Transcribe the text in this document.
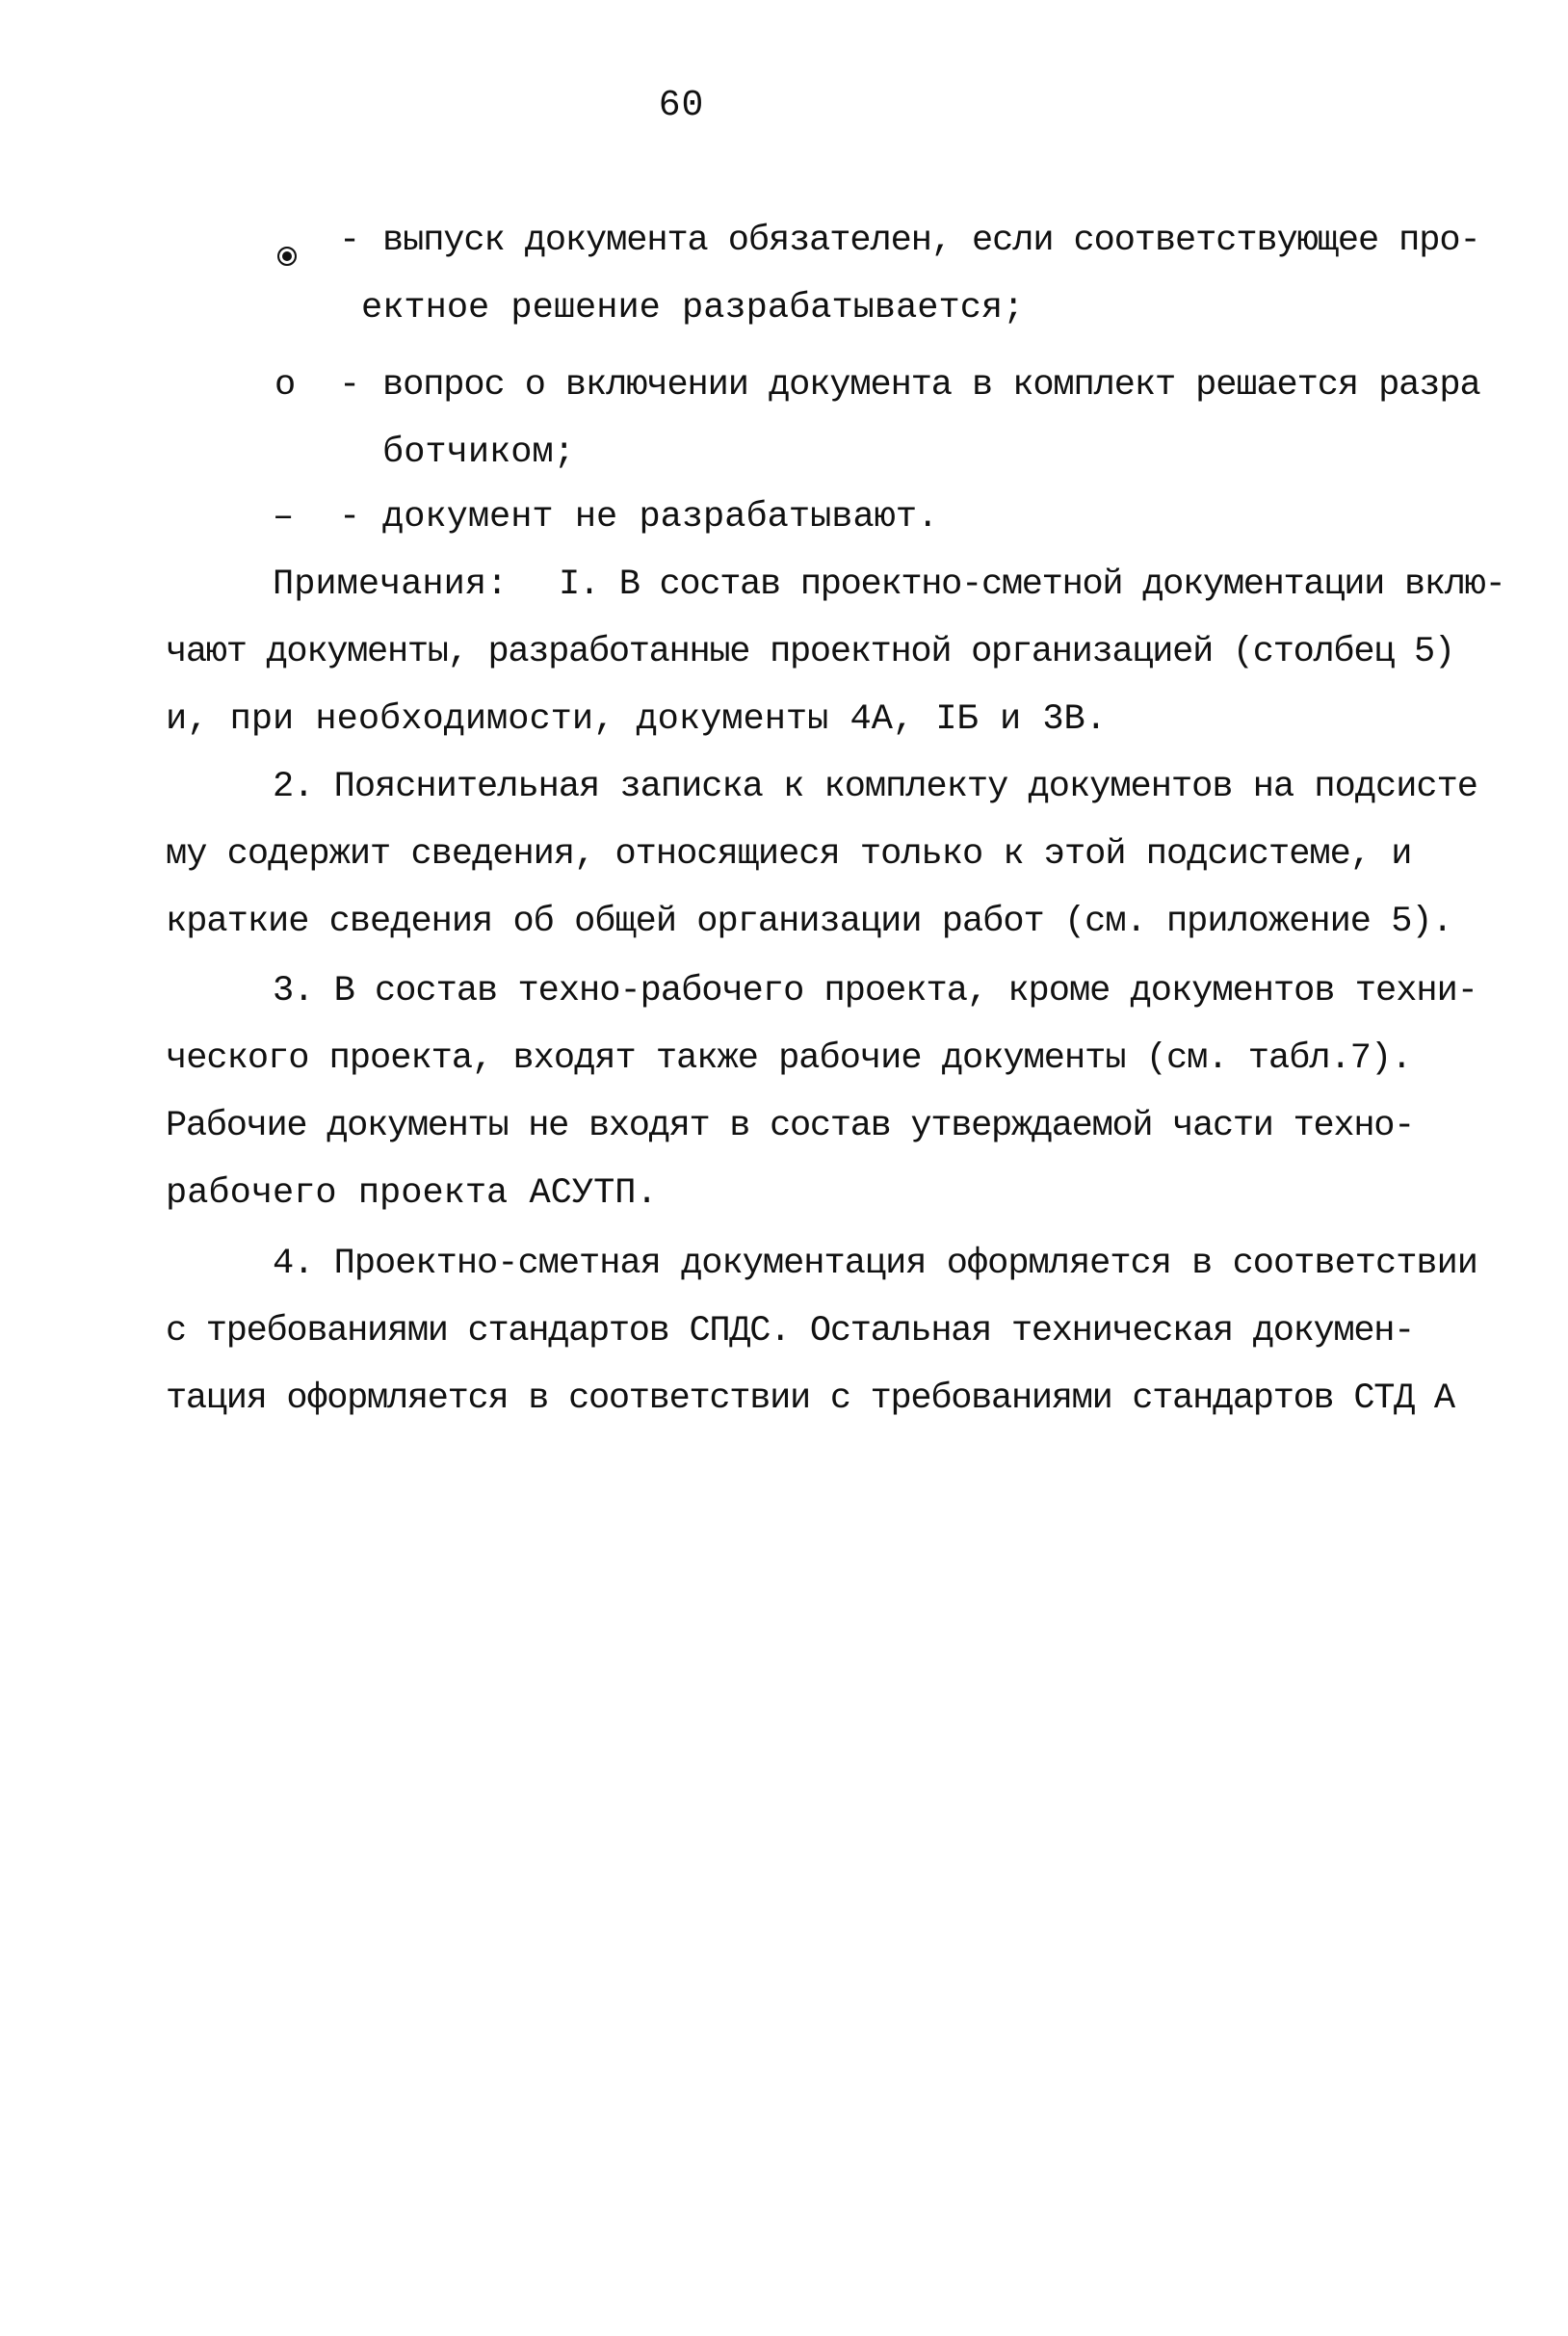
60
- выпуск документа обязателен, если соответствующее про-
ектное решение разрабатывается;
o - вопрос о включении документа в комплект решается разра
ботчиком;
– - документ не разрабатывают.
Примечания: I. В состав проектно-сметной документации вклю-
чают документы, разработанные проектной организацией (столбец 5)
и, при необходимости, документы 4А, IБ и 3В.
2. Пояснительная записка к комплекту документов на подсисте
му содержит сведения, относящиеся только к этой подсистеме, и
краткие сведения об общей организации работ (см. приложение 5).
3. В состав техно-рабочего проекта, кроме документов техни-
ческого проекта, входят также рабочие документы (см. табл.7).
Рабочие документы не входят в состав утверждаемой части техно-
рабочего проекта АСУТП.
4. Проектно-сметная документация оформляется в соответствии
с требованиями стандартов СПДС. Остальная техническая докумен-
тация оформляется в соответствии с требованиями стандартов СТД А
